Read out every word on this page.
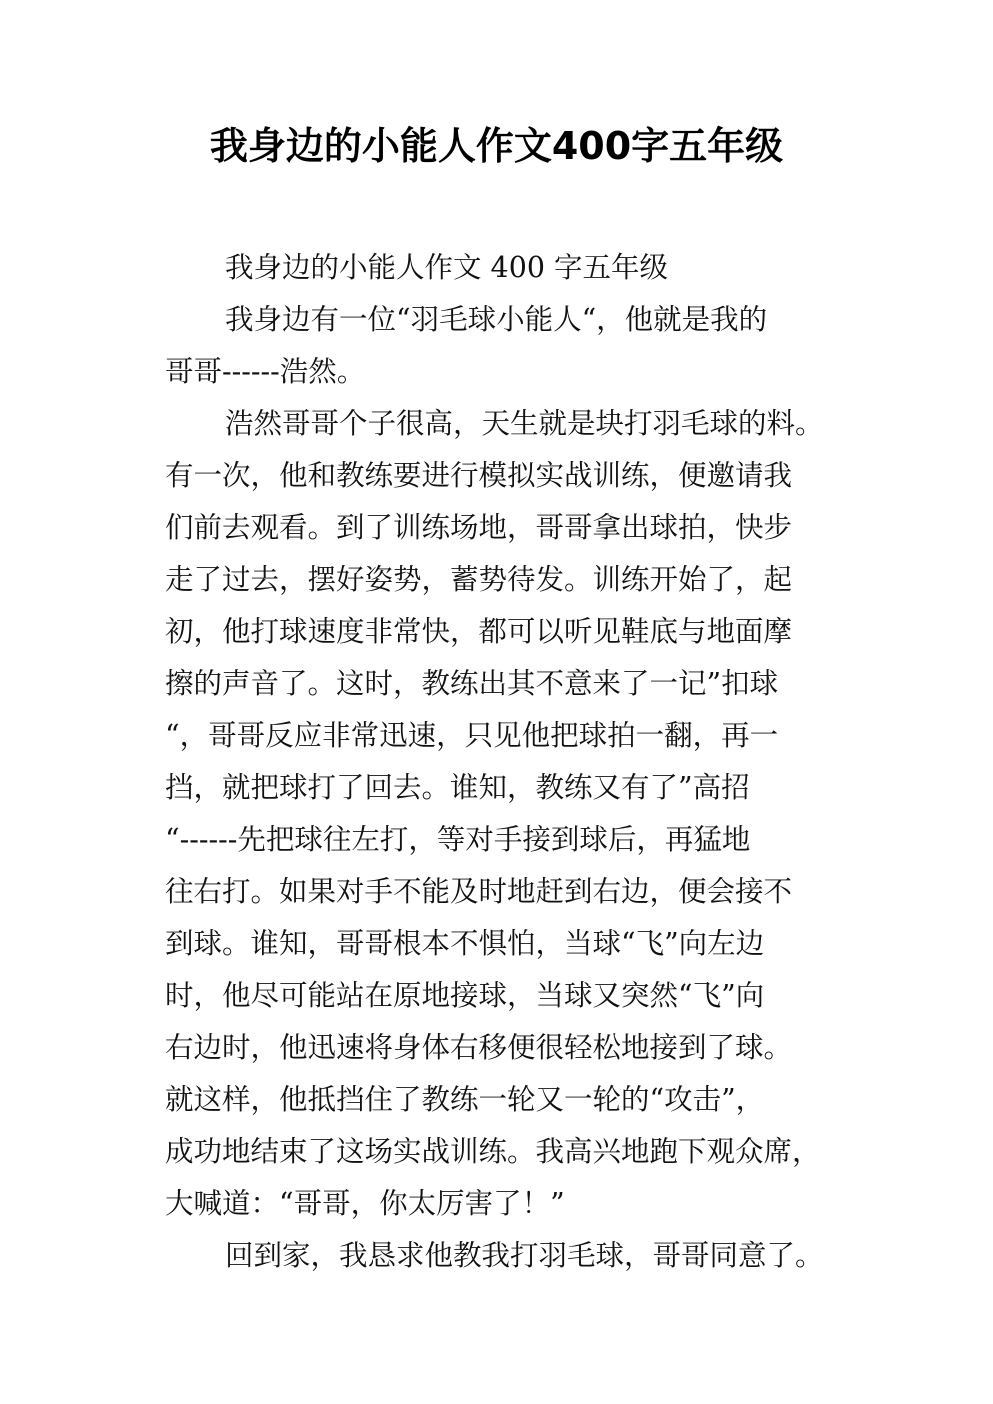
我身边的小能人作文400字五年级
我身边的小能人作文 400 字五年级
我身边有一位“羽毛球小能人“，他就是我的
哥哥------浩然。
浩然哥哥个子很高，天生就是块打羽毛球的料。
有一次，他和教练要进行模拟实战训练，便邀请我
们前去观看。到了训练场地，哥哥拿出球拍，快步
走了过去，摆好姿势，蓄势待发。训练开始了，起
初，他打球速度非常快，都可以听见鞋底与地面摩
擦的声音了。这时，教练出其不意来了一记”扣球
“，哥哥反应非常迅速，只见他把球拍一翻，再一
挡，就把球打了回去。谁知，教练又有了”高招
“------先把球往左打，等对手接到球后，再猛地
往右打。如果对手不能及时地赶到右边，便会接不
到球。谁知，哥哥根本不惧怕，当球“飞”向左边
时，他尽可能站在原地接球，当球又突然“飞”向
右边时，他迅速将身体右移便很轻松地接到了球。
就这样，他抵挡住了教练一轮又一轮的“攻击”，
成功地结束了这场实战训练。我高兴地跑下观众席，
大喊道：“哥哥，你太厉害了！”
回到家，我恳求他教我打羽毛球，哥哥同意了。
